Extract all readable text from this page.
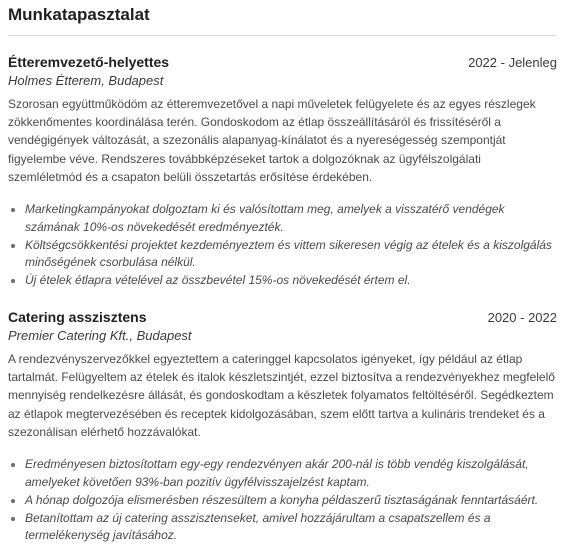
Munkatapasztalat
Étteremvezető-helyettes	2022 - Jelenleg
Holmes Étterem, Budapest

Szorosan együttműködöm az étteremvezetővel a napi műveletek felügyelete és az egyes részlegek zökkenőmentes koordinálása terén. Gondoskodom az étlap összeállításáról és frissítéséről a vendégigények változását, a szezonális alapanyag-kínálatot és a nyereségesség szempontját figyelembe véve. Rendszeres továbbképzéseket tartok a dolgozóknak az ügyfélszolgálati szemléletmód és a csapaton belüli összetartás erősítése érdekében.

Marketingkampányokat dolgoztam ki és valósítottam meg, amelyek a visszatérő vendégek számának 10%-os növekedését eredményezték.
Költségcsökkentési projektet kezdeményeztem és vittem sikeresen végig az ételek és a kiszolgálás minőségének csorbulása nélkül.
Új ételek étlapra vételével az összbevétel 15%-os növekedését értem el.
Catering asszisztens	2020 - 2022
Premier Catering Kft., Budapest

A rendezvényszervezőkkel egyeztettem a cateringgel kapcsolatos igényeket, így például az étlap tartalmát. Felügyeltem az ételek és italok készletszintjét, ezzel biztosítva a rendezvényekhez megfelelő mennyiség rendelkezésre állását, és gondoskodtam a készletek folyamatos feltöltéséről. Segédkeztem az étlapok megtervezésében és receptek kidolgozásában, szem előtt tartva a kulináris trendeket és a szezonálisan elérhető hozzávalókat.

Eredményesen biztosítottam egy-egy rendezvényen akár 200-nál is több vendég kiszolgálását, amelyeket követően 93%-ban pozitív ügyfélvisszajelzést kaptam.
A hónap dolgozója elismerésben részesültem a konyha példaszerű tisztaságának fenntartásáért.
Betanítottam az új catering asszisztenseket, amivel hozzájárultam a csapatszellem és a termelékenység javításához.
